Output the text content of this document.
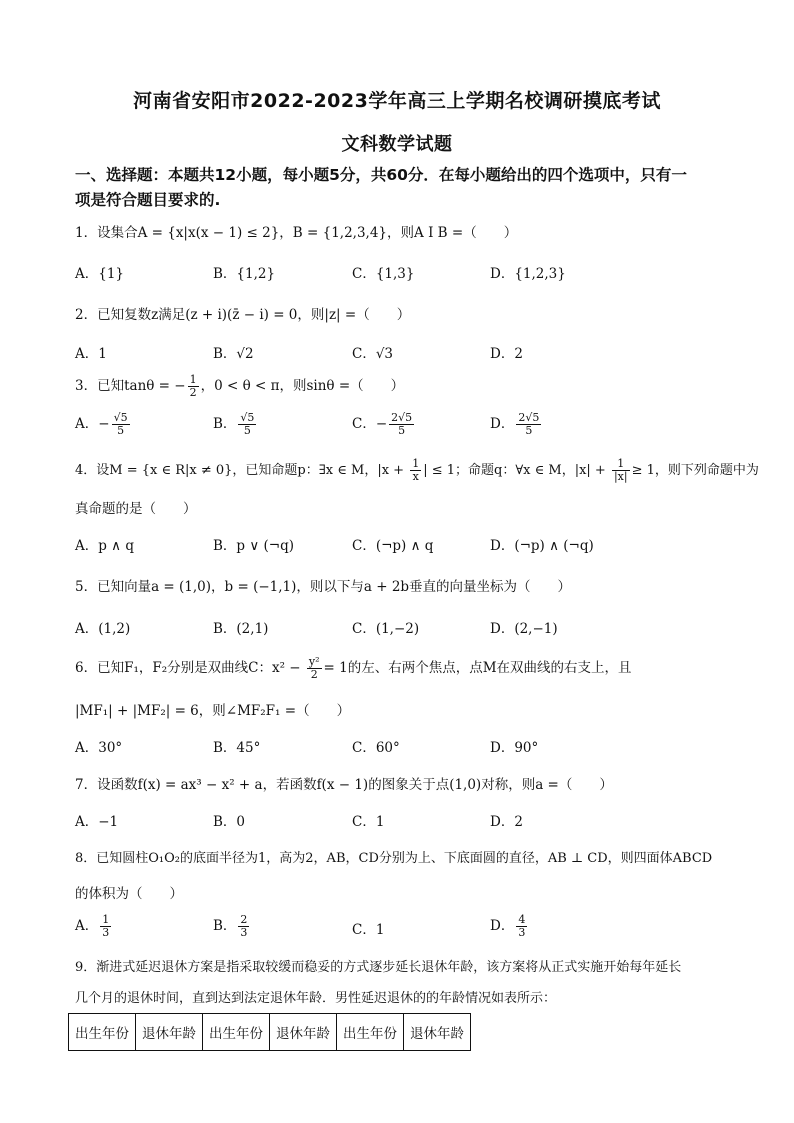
河南省安阳市2022-2023学年高三上学期名校调研摸底考试
文科数学试题
一、选择题：本题共12小题，每小题5分，共60分．在每小题给出的四个选项中，只有一
项是符合题目要求的.
1．设集合A = {x|x(x − 1) ≤ 2}，B = {1,2,3,4}，则A I B =（　　）
A．{1}	B．{1,2}	C．{1,3}	D．{1,2,3}
2．已知复数z满足(z + i)(z̄ − i) = 0，则|z| =（　　）
A．1	B．√2	C．√3	D．2
3．已知tanθ = − $\frac{1}{2}$ ，0 < θ < π，则sinθ =（　　）
A．− $\frac{√5}{5}$	B． $\frac{√5}{5}$	C．− $\frac{2√5}{5}$	D． $\frac{2√5}{5}$
4．设M = {x ∈ R|x ≠ 0}，已知命题p：∃x ∈ M，$|x + \frac{1}{x}$ | ≤ 1；命题q：∀x ∈ M，$|x| + \frac{1}{|x|} \ge 1$，则下列命题中为
真命题的是（　　）
A．p ∧ q	B．p ∨ (¬q)	C．(¬p) ∧ q	D．(¬p) ∧ (¬q)
5．已知向量a = (1,0)，b = (−1,1)，则以下与a + 2b垂直的向量坐标为（　　）
A．(1,2)	B．(2,1)	C．(1,−2)	D．(2,−1)
6．已知F₁，F₂分别是双曲线C：$x^2 - \frac{\text{y²}}{2} = 1$的左、右两个焦点，点M在双曲线的右支上，且
|MF₁| + |MF₂| = 6，则∠MF₂F₁ =（　　）
A．30°	B．45°	C．60°	D．90°
7．设函数f(x) = ax³ − x² + a，若函数f(x − 1)的图象关于点(1,0)对称，则a =（　　）
A．−1	B．0	C．1	D．2
8．已知圆柱O₁O₂的底面半径为1，高为2，AB，CD分别为上、下底面圆的直径，AB ⊥ CD，则四面体ABCD
的体积为（　　）
A． $\frac{1}{3}$	B． $\frac{2}{3}$	C．1	D． $\frac{4}{3}$
9．渐进式延迟退休方案是指采取较缓而稳妥的方式逐步延长退休年龄，该方案将从正式实施开始每年延长
几个月的退休时间，直到达到法定退休年龄．男性延迟退休的的年龄情况如表所示：
出生年份	退休年龄	出生年份	退休年龄	出生年份	退休年龄
